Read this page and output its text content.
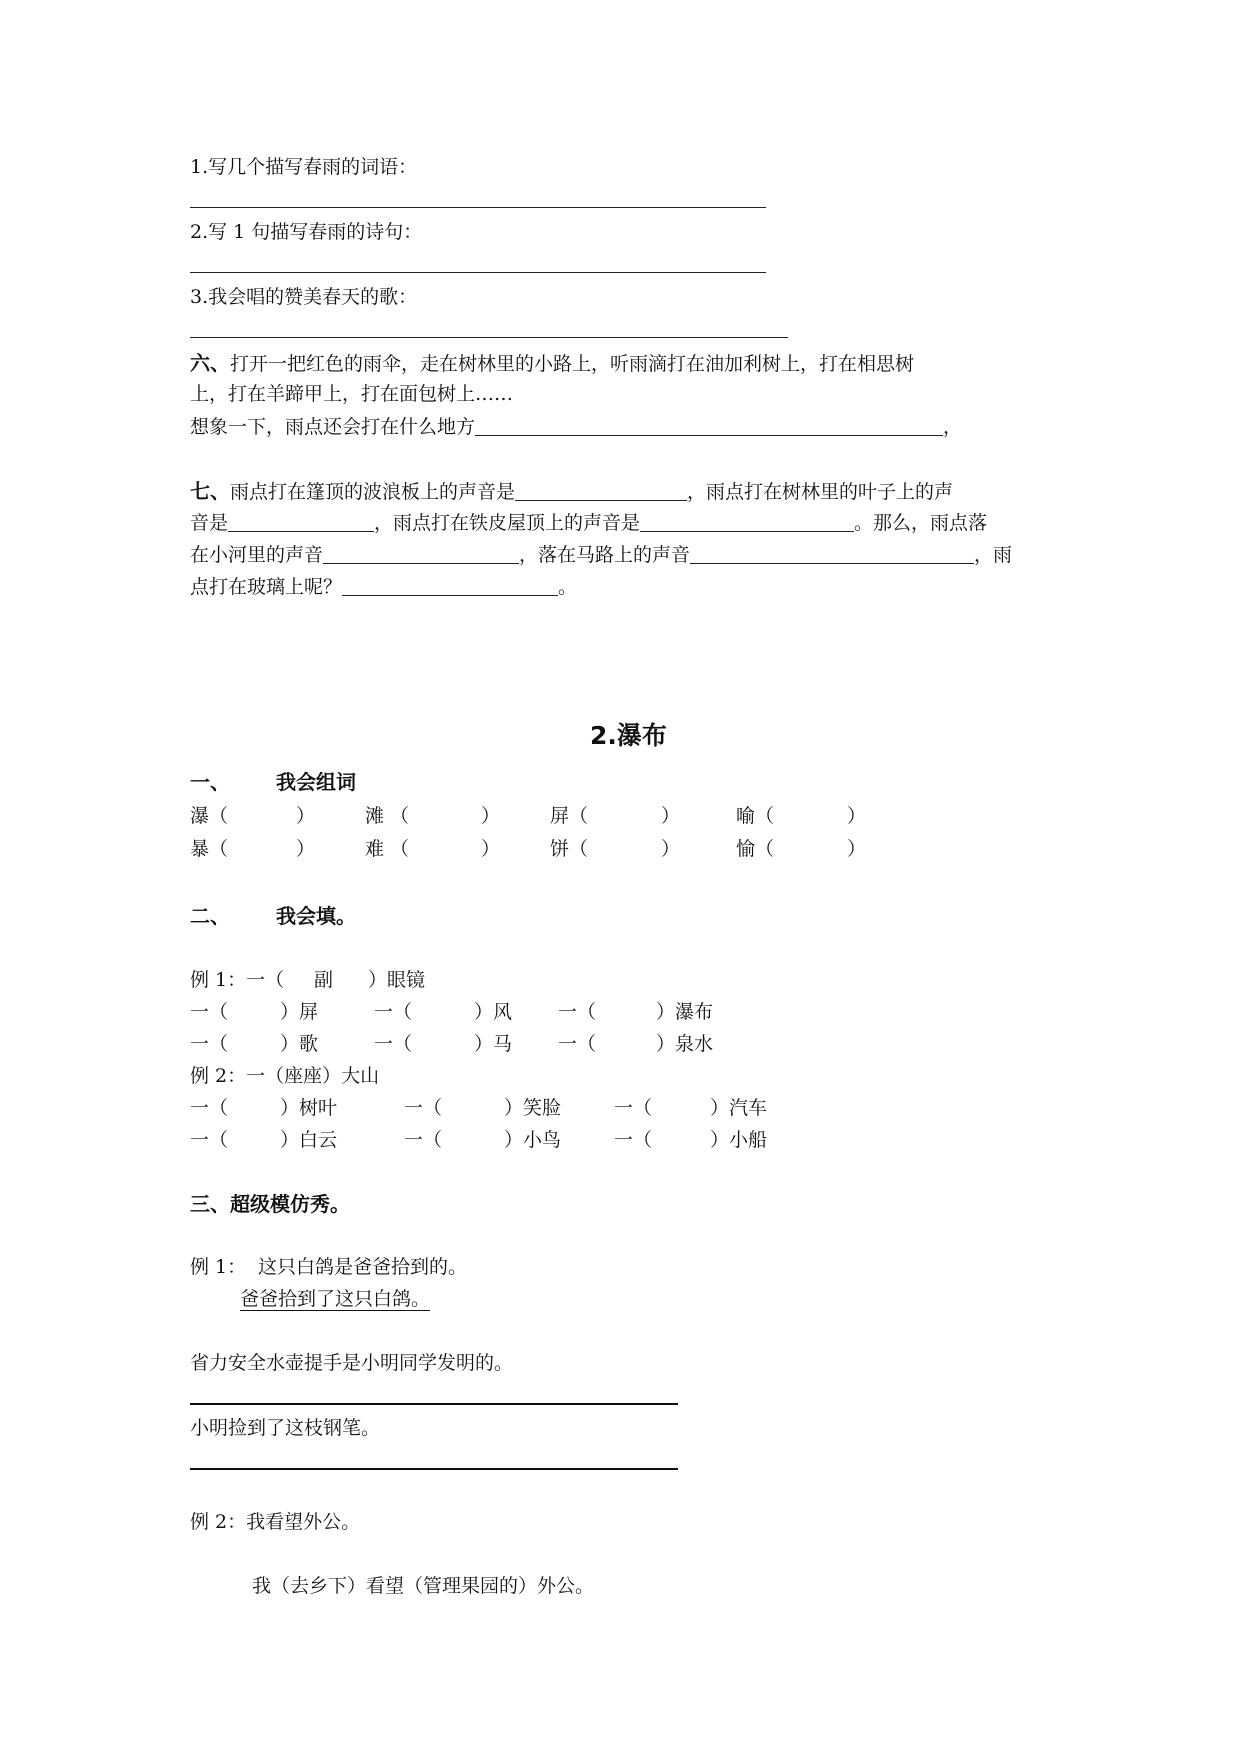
1.写几个描写春雨的词语：
2.写 1 句描写春雨的诗句：
3.我会唱的赞美春天的歌：
六、打开一把红色的雨伞，走在树林里的小路上，听雨滴打在油加利树上，打在相思树
上，打在羊蹄甲上，打在面包树上……
想象一下，雨点还会打在什么地方	，
七、雨点打在篷顶的波浪板上的声音是	，雨点打在树林里的叶子上的声
音是	，雨点打在铁皮屋顶上的声音是	。那么，雨点落
在小河里的声音	，落在马路上的声音	，雨
点打在玻璃上呢？	。
2.瀑布
一、 我会组词
瀑（	）	滩 （	）	屏（	）	喻（	）
暴（	）	难 （	）	饼（	）	愉（	）
二、 我会填。
例 1：一（ 副 ）眼镜
一（	）屏	一（	）风 一（	）瀑布
一（	）歌	一（	）马 一（	）泉水
例 2：一（座座）大山
一（	）树叶	一（	）笑脸	一（	）汽车
一（	）白云	一（	）小鸟	一（	）小船
三、超级模仿秀。
例 1： 这只白鸽是爸爸拾到的。
爸爸拾到了这只白鸽。
省力安全水壶提手是小明同学发明的。
小明捡到了这枝钢笔。
例 2：我看望外公。
我（去乡下）看望（管理果园的）外公。
